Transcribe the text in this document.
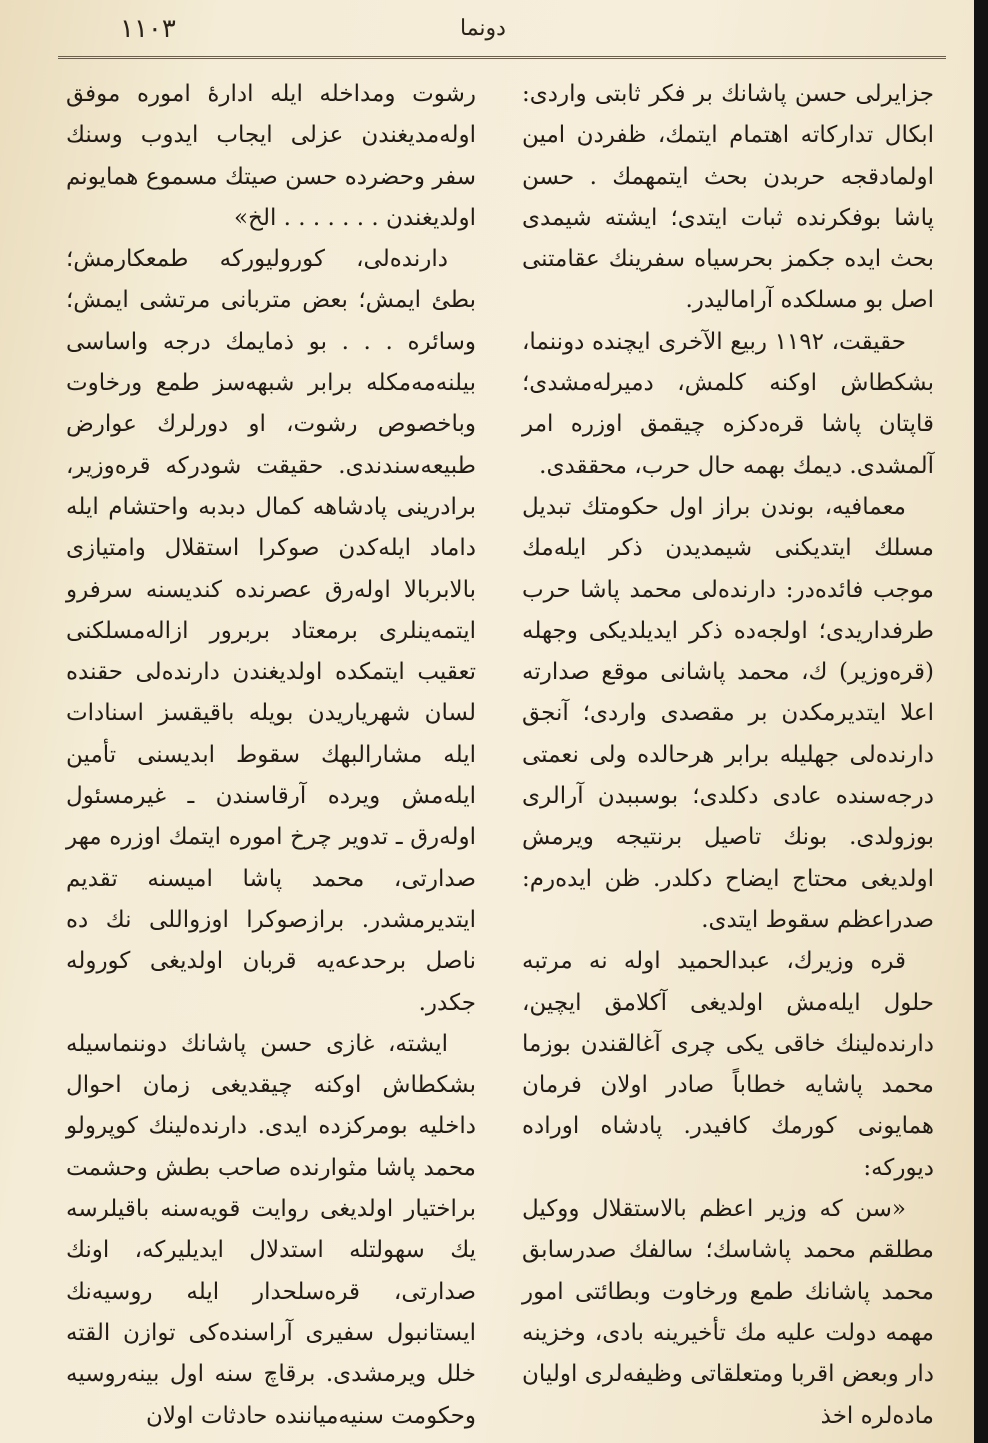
١١٠٣	دونما

جزايرلى حسن پاشانك بر فكر ثابتى واردى: ابكال تدارکاته اهتمام ايتمك، ظفردن امين اولمادقجه حربدن بحث ايتمهمك . حسن پاشا بوفكرنده ثبات ايتدى؛ ايشته شيمدى بحث ايده جكمز بحرسياه سفرينك عقامتنى اصل بو مسلكده آراماليدر.

حقيقت، ١١٩٢ ربيع الآخرى ايچنده دوننما، بشكطاش اوكنه كلمش، دميرلەمشدى؛ قاپتان پاشا قرەدكزه چيقمق اوزره امر آلمشدى. ديمك بهمه حال حرب، محققدى.

معمافيه، بوندن براز اول حكومتك تبديل مسلك ايتديكنى شيمديدن ذكر ايلەمك موجب فائدەدر: دارندەلى محمد پاشا حرب طرفداريدى؛ اولجەده ذكر ايديلديكى وجهله (قرەوزير) ك، محمد پاشانى موقع صدارته اعلا ايتديرمكدن بر مقصدى واردى؛ آنجق دارندەلى جهليله برابر هرحالده ولى نعمتى درجەسنده عادى دكلدى؛ بوسببدن آرالرى بوزولدى. بونك تاصيل برنتيجه ويرمش اولديغى محتاج ايضاح دكلدر. ظن ايدەرم: صدراعظم سقوط ايتدى.

قره وزيرك، عبدالحميد اوله نه مرتبه حلول ايلەمش اولديغى آكلامق ايچين، دارندەلينك خاقى يكى چرى آغالقندن بوزما محمد پاشايه خطاباً صادر اولان فرمان همايونى كورمك كافيدر. پادشاه اوراده ديوركه:

«سن كه وزير اعظم بالاستقلال ووكيل مطلقم محمد پاشاسك؛ سالفك صدرسابق محمد پاشانك طمع ورخاوت وبطائتى امور مهمه دولت عليه مك تأخيرينه بادى، وخزينه دار وبعض اقربا ومتعلقاتى وظيفەلرى اوليان مادەلره اخذ

رشوت ومداخله ايله ادارۀ اموره موفق اولەمديغندن عزلى ايجاب ايدوب وسنك سفر وحضرده حسن صيتك مسموع همايونم اولديغندن . . . . . . . الخ»

دارندەلى، كوروليوركه طمعكارمش؛ بطئ ايمش؛ بعض متربانى مرتشى ايمش؛ وسائره . . . بو ذمايمك درجه واساسى بيلنەمەمكله برابر شبهەسز طمع ورخاوت وباخصوص رشوت، او دورلرك عوارض طبيعەسندندى. حقيقت شودركه قرەوزير، برادرينى پادشاهه كمال دبدبه واحتشام ايله داماد ايلەكدن صوكرا استقلال وامتيازى بالابربالا اولەرق عصرنده كنديسنه سرفرو ايتمەينلرى برمعتاد بربرور ازالەمسلكنى تعقيب ايتمكده اولديغندن دارندەلى حقنده لسان شهرياريدن بويله باقيقسز اسنادات ايله مشارالبهك سقوط ابديسنى تأمين ايلەمش ويرده آرقاسندن ـ غيرمسئول اولەرق ـ تدوير چرخ اموره ايتمك اوزره مهر صدارتى، محمد پاشا اميسنه تقديم ايتديرمشدر. برازصوكرا اوزواللى نك ده ناصل برحدعەيه قربان اولديغى كوروله جكدر.

ايشته، غازى حسن پاشانك دوننماسيله بشكطاش اوكنه چيقديغى زمان احوال داخليه بومركزده ايدى. دارندەلينك كوپرولو محمد پاشا مثوارنده صاحب بطش وحشمت براختيار اولديغى روايت قويەسنه باقيلرسه يك سهولتله استدلال ايديليركه، اونك صدارتى، قرەسلحدار ايله روسيەنك ايستانبول سفيرى آراسندەكى توازن القته خلل ويرمشدى. برقاچ سنه اول بينەروسيه وحكومت سنيەمياننده حادثات اولان
